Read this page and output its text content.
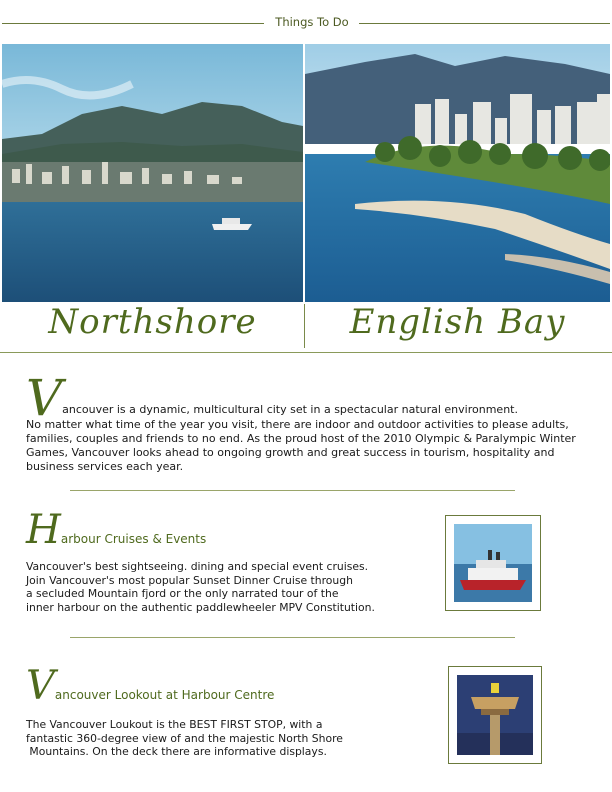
Things To Do
Northshore	English Bay

Vancouver is a dynamic, multicultural city set in a spectacular natural environment.

No matter what time of the year you visit, there are indoor and outdoor activities to please adults,

families, couples and friends to no end. As the proud host of the 2010 Olympic & Paralympic Winter

Games, Vancouver looks ahead to ongoing growth and great success in tourism, hospitality and

business services each year.

Harbour Cruises & Events
Vancouver's best sightseeing. dining and special event cruises.
Join Vancouver's most popular Sunset Dinner Cruise through
a secluded Mountain fjord or the only narrated tour of the
inner harbour on the authentic paddlewheeler MPV Constitution.
Vancouver Lookout at Harbour Centre
The Vancouver Loukout is the BEST FIRST STOP, with a
fantastic 360-degree view of and the majestic North Shore
Mountains. On the deck there are informative displays.
